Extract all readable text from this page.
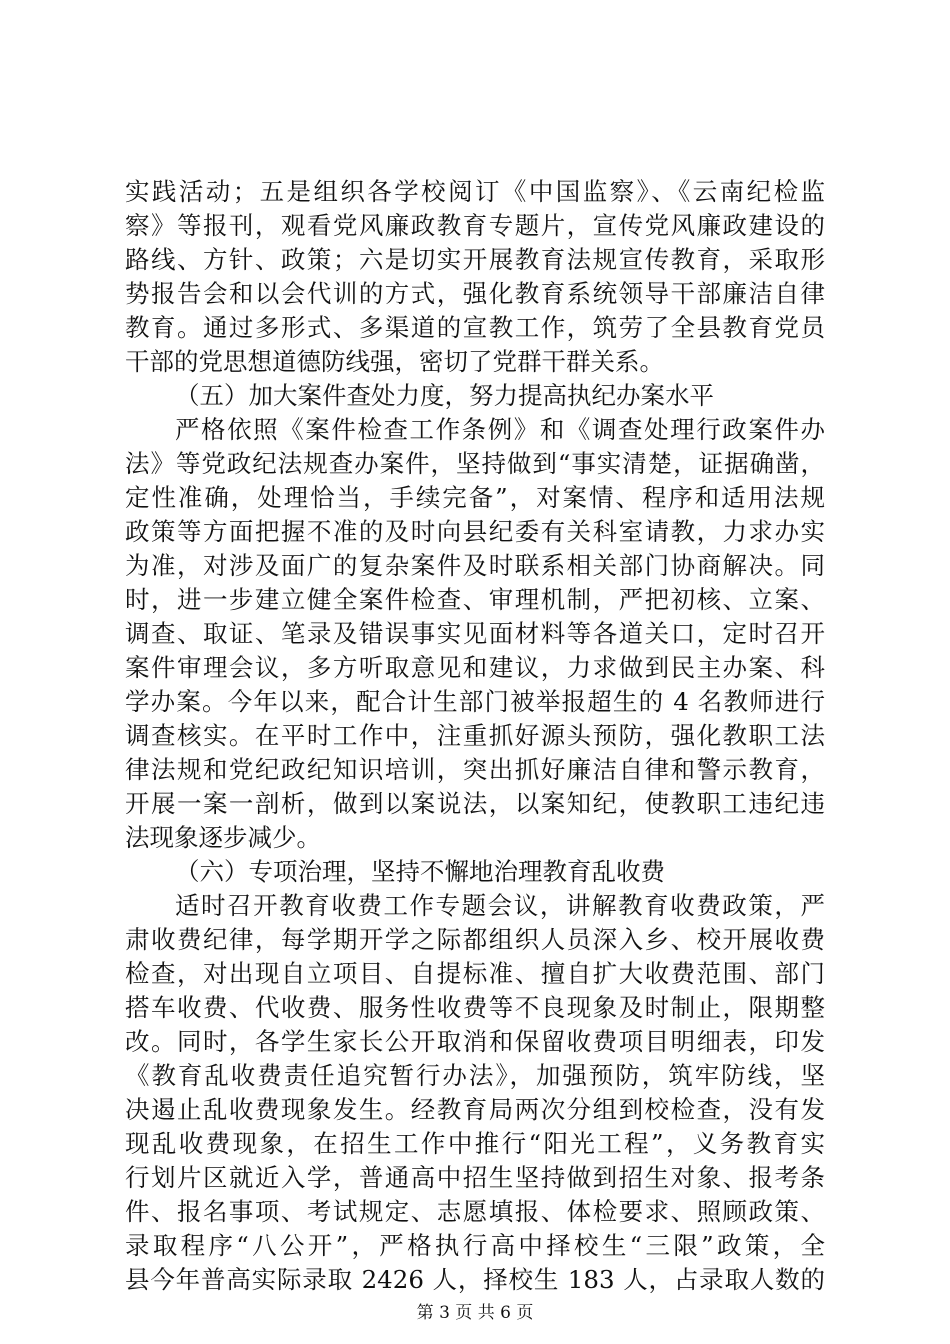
实践活动；五是组织各学校阅订《中国监察》、《云南纪检监
察》等报刊，观看党风廉政教育专题片，宣传党风廉政建设的
路线、方针、政策；六是切实开展教育法规宣传教育，采取形
势报告会和以会代训的方式，强化教育系统领导干部廉洁自律
教育。通过多形式、多渠道的宣教工作，筑劳了全县教育党员
干部的党思想道德防线强，密切了党群干群关系。
（五）加大案件查处力度，努力提高执纪办案水平
严格依照《案件检查工作条例》和《调查处理行政案件办
法》等党政纪法规查办案件，坚持做到“事实清楚，证据确凿，
定性准确，处理恰当，手续完备”，对案情、程序和适用法规
政策等方面把握不准的及时向县纪委有关科室请教，力求办实
为准，对涉及面广的复杂案件及时联系相关部门协商解决。同
时，进一步建立健全案件检查、审理机制，严把初核、立案、
调查、取证、笔录及错误事实见面材料等各道关口，定时召开
案件审理会议，多方听取意见和建议，力求做到民主办案、科
学办案。今年以来，配合计生部门被举报超生的 4 名教师进行
调查核实。在平时工作中，注重抓好源头预防，强化教职工法
律法规和党纪政纪知识培训，突出抓好廉洁自律和警示教育，
开展一案一剖析，做到以案说法，以案知纪，使教职工违纪违
法现象逐步减少。
（六）专项治理，坚持不懈地治理教育乱收费
适时召开教育收费工作专题会议，讲解教育收费政策，严
肃收费纪律，每学期开学之际都组织人员深入乡、校开展收费
检查，对出现自立项目、自提标准、擅自扩大收费范围、部门
搭车收费、代收费、服务性收费等不良现象及时制止，限期整
改。同时，各学生家长公开取消和保留收费项目明细表，印发
《教育乱收费责任追究暂行办法》，加强预防，筑牢防线，坚
决遏止乱收费现象发生。经教育局两次分组到校检查，没有发
现乱收费现象，在招生工作中推行“阳光工程”，义务教育实
行划片区就近入学，普通高中招生坚持做到招生对象、报考条
件、报名事项、考试规定、志愿填报、体检要求、照顾政策、
录取程序“八公开”，严格执行高中择校生“三限”政策，全
县今年普高实际录取 2426 人，择校生 183 人，占录取人数的
第 3 页 共 6 页
